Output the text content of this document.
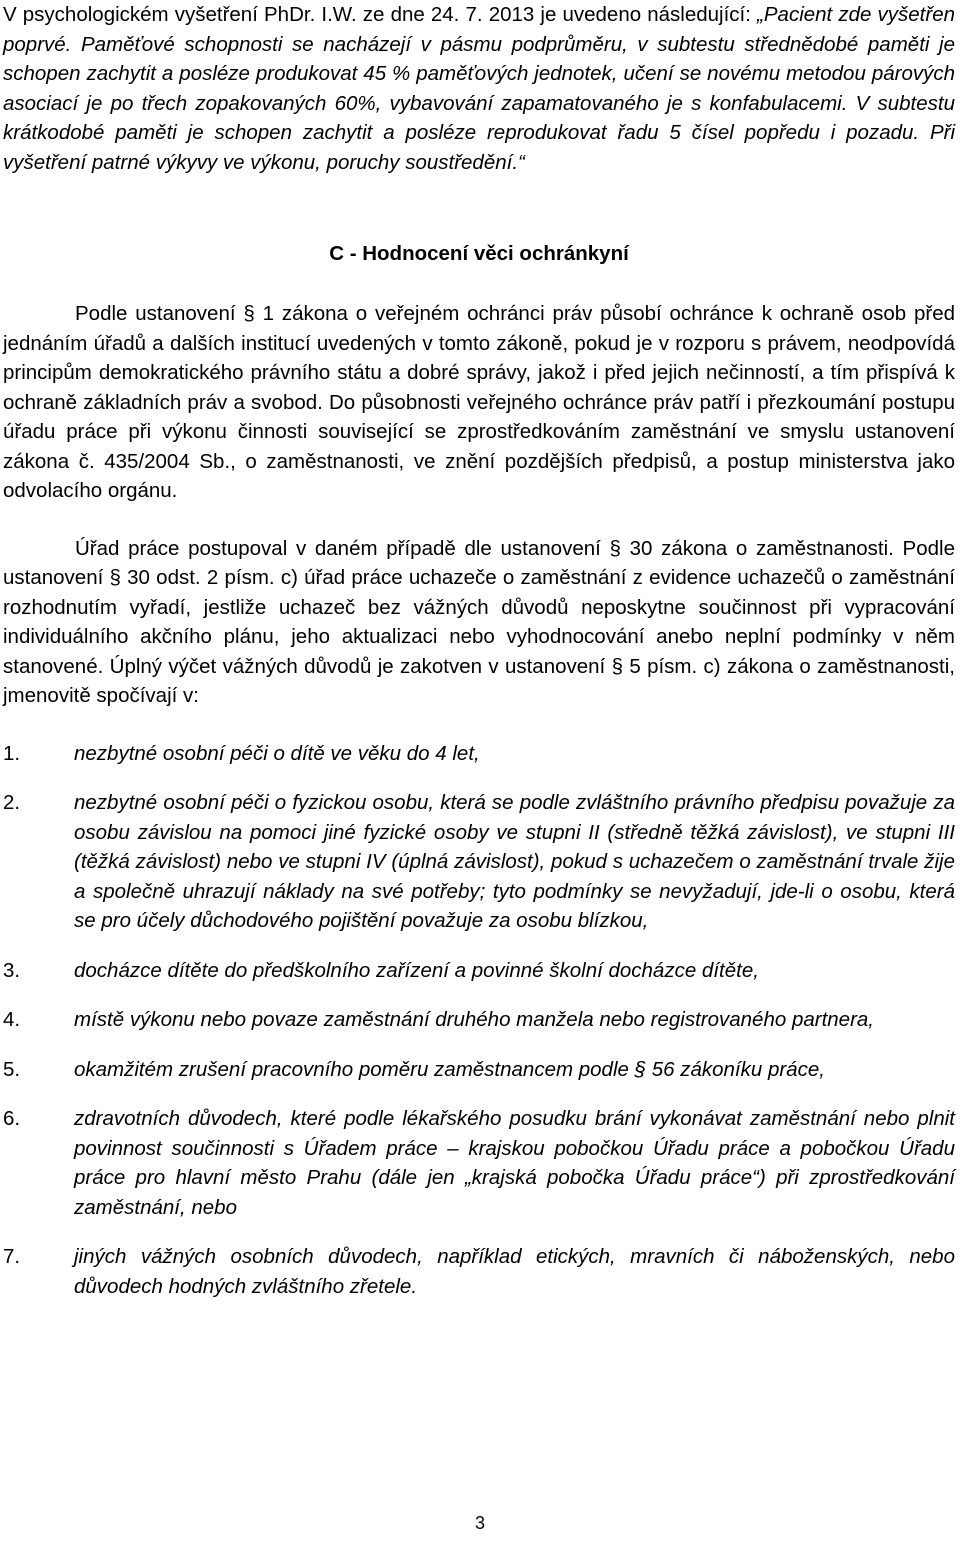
V psychologickém vyšetření PhDr. I.W. ze dne 24. 7. 2013 je uvedeno následující: „Pacient zde vyšetřen poprvé. Paměťové schopnosti se nacházejí v pásmu podprůměru, v subtestu střednědobé paměti je schopen zachytit a posléze produkovat 45 % paměťových jednotek, učení se novému metodou párových asociací je po třech zopakovaných 60%, vybavování zapamatovaného je s konfabulacemi. V subtestu krátkodobé paměti je schopen zachytit a posléze reprodukovat řadu 5 čísel popředu i pozadu. Při vyšetření patrné výkyvy ve výkonu, poruchy soustředění.“

C - Hodnocení věci ochránkyní

Podle ustanovení § 1 zákona o veřejném ochránci práv působí ochránce k ochraně osob před jednáním úřadů a dalších institucí uvedených v tomto zákoně, pokud je v rozporu s právem, neodpovídá principům demokratického právního státu a dobré správy, jakož i před jejich nečinností, a tím přispívá k ochraně základních práv a svobod. Do působnosti veřejného ochránce práv patří i přezkoumání postupu úřadu práce při výkonu činnosti související se zprostředkováním zaměstnání ve smyslu ustanovení zákona č. 435/2004 Sb., o zaměstnanosti, ve znění pozdějších předpisů, a postup ministerstva jako odvolacího orgánu.

Úřad práce postupoval v daném případě dle ustanovení § 30 zákona o zaměstnanosti. Podle ustanovení § 30 odst. 2 písm. c) úřad práce uchazeče o zaměstnání z evidence uchazečů o zaměstnání rozhodnutím vyřadí, jestliže uchazeč bez vážných důvodů neposkytne součinnost při vypracování individuálního akčního plánu, jeho aktualizaci nebo vyhodnocování anebo neplní podmínky v něm stanovené. Úplný výčet vážných důvodů je zakotven v ustanovení § 5 písm. c) zákona o zaměstnanosti, jmenovitě spočívají v:

1.	nezbytné osobní péči o dítě ve věku do 4 let,
2.	nezbytné osobní péči o fyzickou osobu, která se podle zvláštního právního předpisu považuje za osobu závislou na pomoci jiné fyzické osoby ve stupni II (středně těžká závislost), ve stupni III (těžká závislost) nebo ve stupni IV (úplná závislost), pokud s uchazečem o zaměstnání trvale žije a společně uhrazují náklady na své potřeby; tyto podmínky se nevyžadují, jde-li o osobu, která se pro účely důchodového pojištění považuje za osobu blízkou,
3.	docházce dítěte do předškolního zařízení a povinné školní docházce dítěte,
4.	místě výkonu nebo povaze zaměstnání druhého manžela nebo registrovaného partnera,
5.	okamžitém zrušení pracovního poměru zaměstnancem podle § 56 zákoníku práce,
6.	zdravotních důvodech, které podle lékařského posudku brání vykonávat zaměstnání nebo plnit povinnost součinnosti s Úřadem práce – krajskou pobočkou Úřadu práce a pobočkou Úřadu práce pro hlavní město Prahu (dále jen „krajská pobočka Úřadu práce“) při zprostředkování zaměstnání, nebo
7.	jiných vážných osobních důvodech, například etických, mravních či náboženských, nebo důvodech hodných zvláštního zřetele.
3
